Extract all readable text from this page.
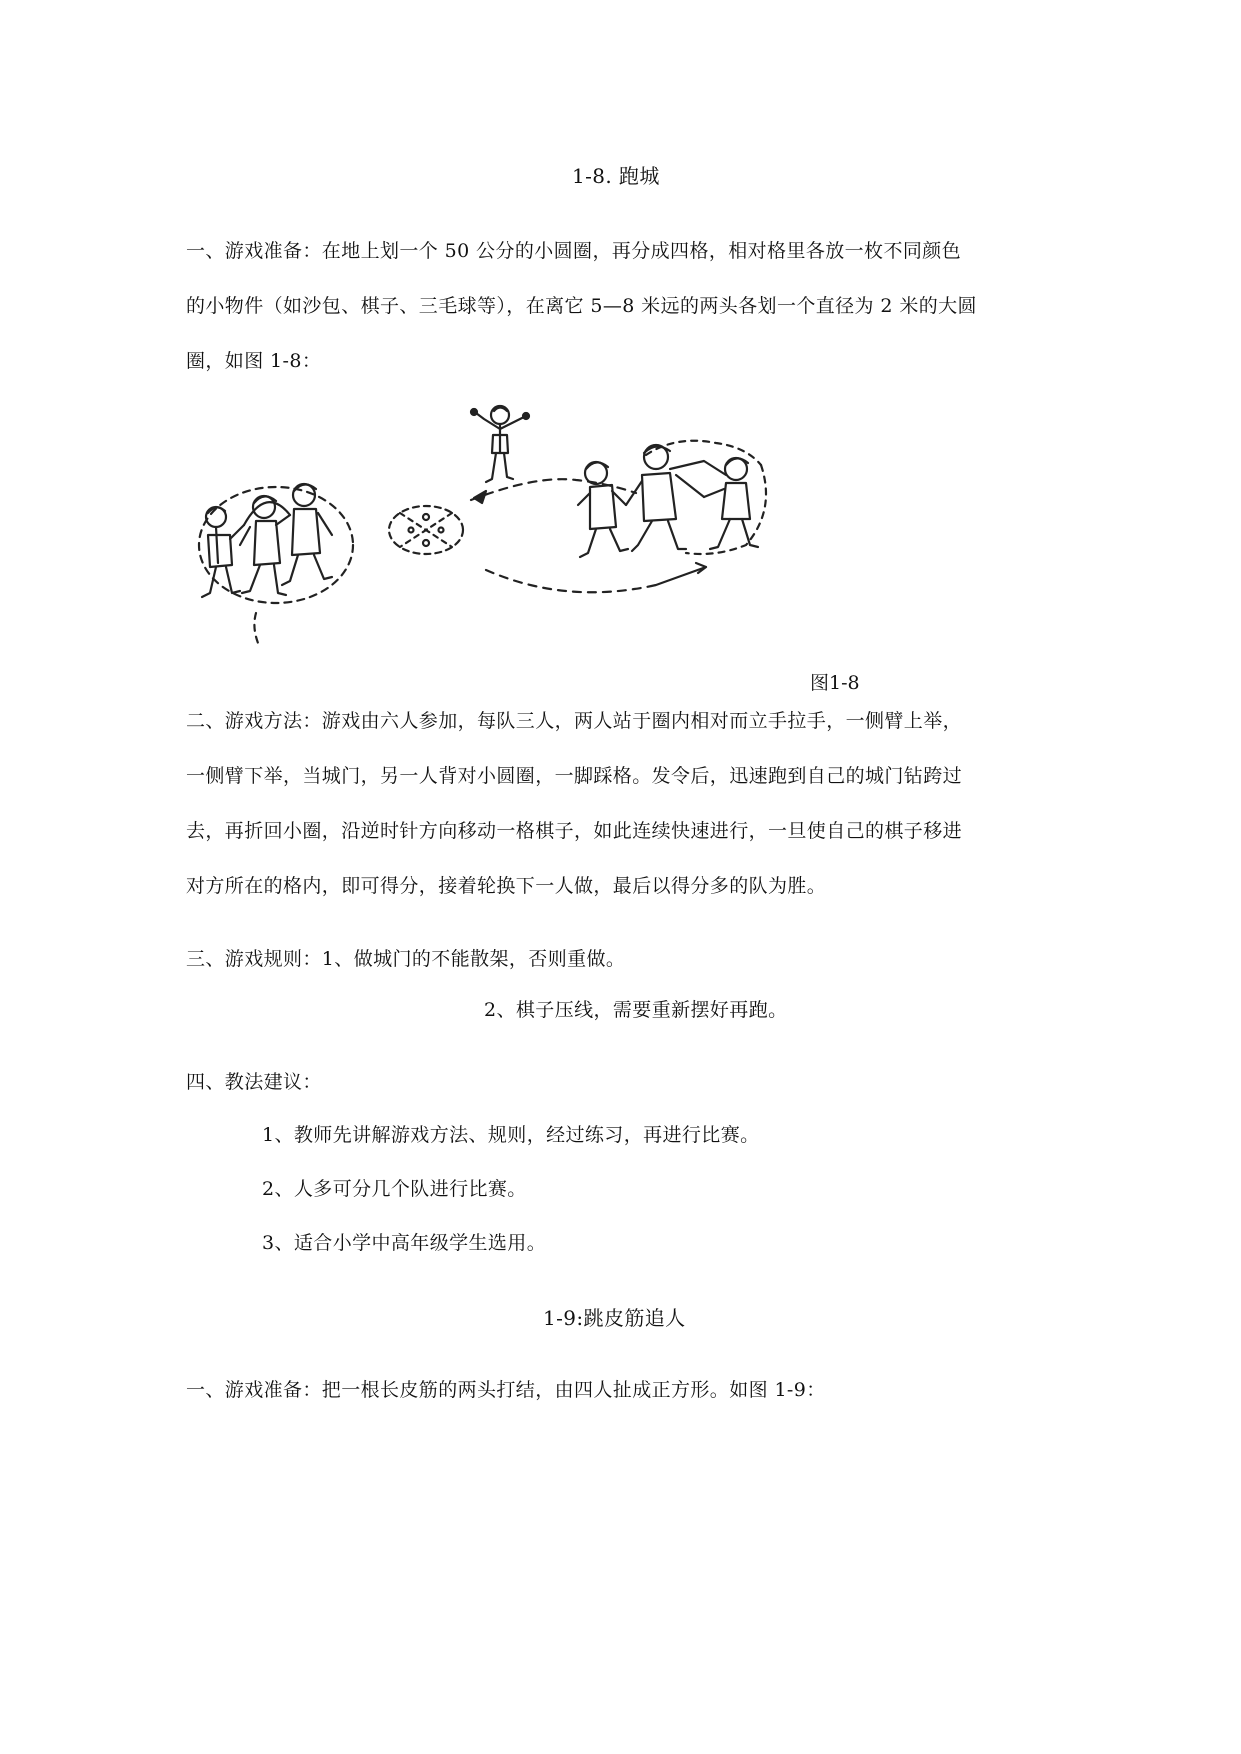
1-8. 跑城
一、游戏准备：在地上划一个 50 公分的小圆圈，再分成四格，相对格里各放一枚不同颜色
的小物件（如沙包、棋子、三毛球等），在离它 5—8 米远的两头各划一个直径为 2 米的大圆
圈，如图 1-8：
图1-8
二、游戏方法：游戏由六人参加，每队三人，两人站于圈内相对而立手拉手，一侧臂上举，
一侧臂下举，当城门，另一人背对小圆圈，一脚踩格。发令后，迅速跑到自己的城门钻跨过
去，再折回小圈，沿逆时针方向移动一格棋子，如此连续快速进行，一旦使自己的棋子移进
对方所在的格内，即可得分，接着轮换下一人做，最后以得分多的队为胜。
三、游戏规则：1、做城门的不能散架，否则重做。
2、棋子压线，需要重新摆好再跑。
四、教法建议：
1、教师先讲解游戏方法、规则，经过练习，再进行比赛。
2、人多可分几个队进行比赛。
3、适合小学中高年级学生选用。
1-9:跳皮筋追人
一、游戏准备：把一根长皮筋的两头打结，由四人扯成正方形。如图 1-9：
